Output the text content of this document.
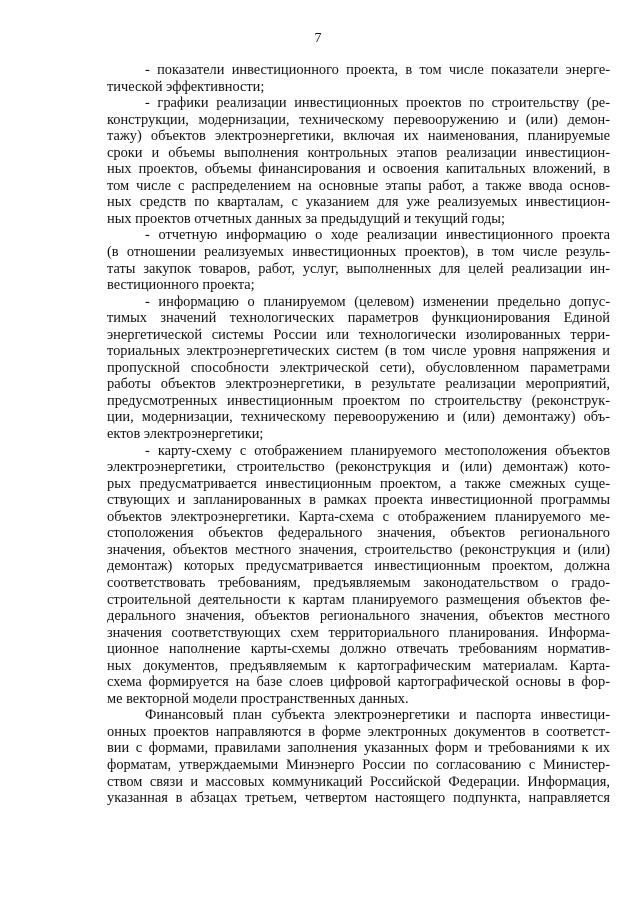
7
- показатели инвестиционного проекта, в том числе показатели энерге-
тической эффективности;
- графики реализации инвестиционных проектов по строительству (ре-
конструкции, модернизации, техническому перевооружению и (или) демон-
тажу) объектов электроэнергетики, включая их наименования, планируемые
сроки и объемы выполнения контрольных этапов реализации инвестицион-
ных проектов, объемы финансирования и освоения капитальных вложений, в
том числе с распределением на основные этапы работ, а также ввода основ-
ных средств по кварталам, с указанием для уже реализуемых инвестицион-
ных проектов отчетных данных за предыдущий и текущий годы;
- отчетную информацию о ходе реализации инвестиционного проекта
(в отношении реализуемых инвестиционных проектов), в том числе резуль-
таты закупок товаров, работ, услуг, выполненных для целей реализации ин-
вестиционного проекта;
- информацию о планируемом (целевом) изменении предельно допус-
тимых значений технологических параметров функционирования Единой
энергетической системы России или технологически изолированных терри-
ториальных электроэнергетических систем (в том числе уровня напряжения и
пропускной способности электрической сети), обусловленном параметрами
работы объектов электроэнергетики, в результате реализации мероприятий,
предусмотренных инвестиционным проектом по строительству (реконструк-
ции, модернизации, техническому перевооружению и (или) демонтажу) объ-
ектов электроэнергетики;
- карту-схему с отображением планируемого местоположения объектов
электроэнергетики, строительство (реконструкция и (или) демонтаж) кото-
рых предусматривается инвестиционным проектом, а также смежных суще-
ствующих и запланированных в рамках проекта инвестиционной программы
объектов электроэнергетики. Карта-схема с отображением планируемого ме-
стоположения объектов федерального значения, объектов регионального
значения, объектов местного значения, строительство (реконструкция и (или)
демонтаж) которых предусматривается инвестиционным проектом, должна
соответствовать требованиям, предъявляемым законодательством о градо-
строительной деятельности к картам планируемого размещения объектов фе-
дерального значения, объектов регионального значения, объектов местного
значения соответствующих схем территориального планирования. Информа-
ционное наполнение карты-схемы должно отвечать требованиям норматив-
ных документов, предъявляемым к картографическим материалам. Карта-
схема формируется на базе слоев цифровой картографической основы в фор-
ме векторной модели пространственных данных.
Финансовый план субъекта электроэнергетики и паспорта инвестици-
онных проектов направляются в форме электронных документов в соответст-
вии с формами, правилами заполнения указанных форм и требованиями к их
форматам, утверждаемыми Минэнерго России по согласованию с Министер-
ством связи и массовых коммуникаций Российской Федерации. Информация,
указанная в абзацах третьем, четвертом настоящего подпункта, направляется
